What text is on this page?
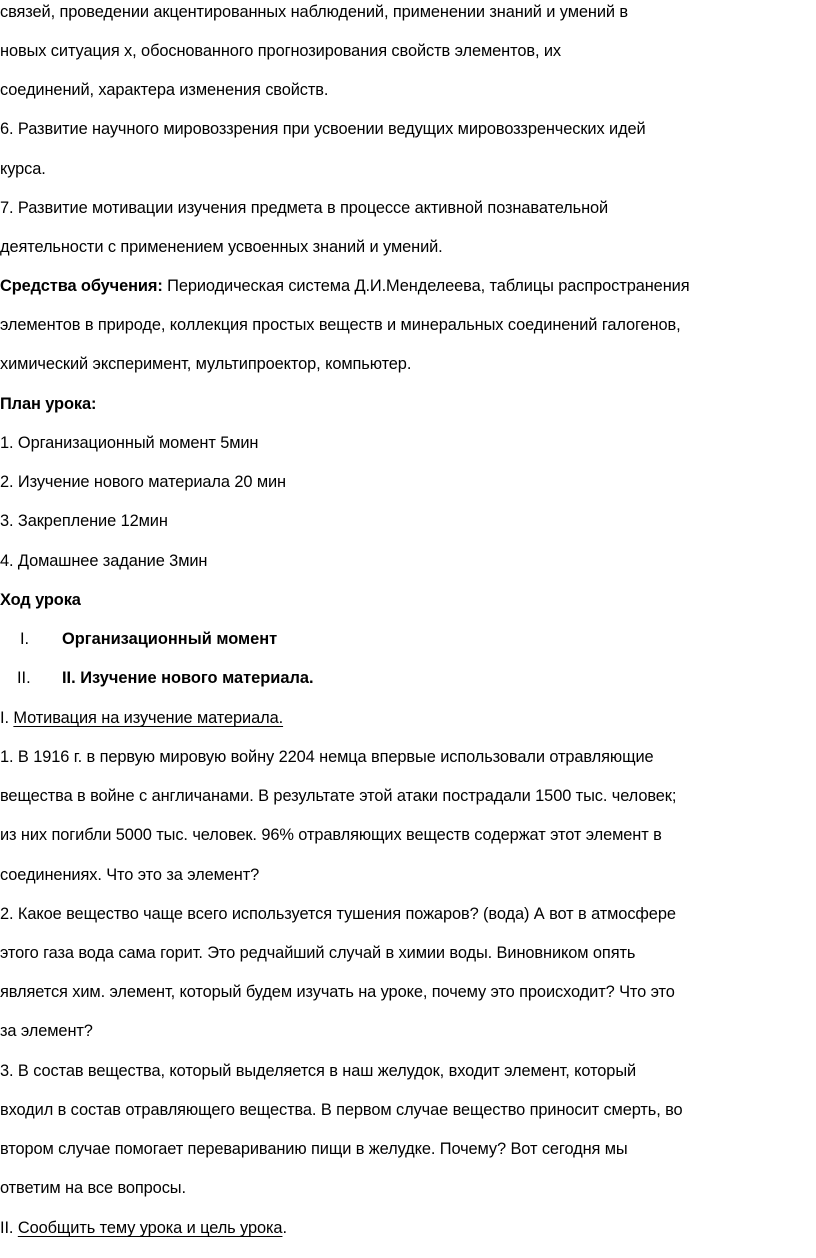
связей, проведении акцентированных наблюдений, применении знаний и умений в
новых ситуация х, обоснованного прогнозирования свойств элементов, их
соединений, характера изменения свойств.
6. Развитие научного мировоззрения при усвоении ведущих мировоззренческих идей
курса.
7. Развитие мотивации изучения предмета в процессе активной познавательной
деятельности с применением усвоенных знаний и умений.
Средства обучения: Периодическая система Д.И.Менделеева, таблицы распространения
элементов в природе, коллекция простых веществ и минеральных соединений галогенов,
химический эксперимент, мультипроектор, компьютер.
План урока:
1. Организационный момент 5мин
2. Изучение нового материала 20 мин
3. Закрепление 12мин
4. Домашнее задание 3мин
Ход урока
I. Организационный момент
II. II. Изучение нового материала.
I. Мотивация на изучение материала.
1. В 1916 г. в первую мировую войну 2204 немца впервые использовали отравляющие
вещества в войне с англичанами. В результате этой атаки пострадали 1500 тыс. человек;
из них погибли 5000 тыс. человек. 96% отравляющих веществ содержат этот элемент в
соединениях. Что это за элемент?
2. Какое вещество чаще всего используется тушения пожаров? (вода) А вот в атмосфере
этого газа вода сама горит. Это редчайший случай в химии воды. Виновником опять
является хим. элемент, который будем изучать на уроке, почему это происходит? Что это
за элемент?
3. В состав вещества, который выделяется в наш желудок, входит элемент, который
входил в состав отравляющего вещества. В первом случае вещество приносит смерть, во
втором случае помогает перевариванию пищи в желудке. Почему? Вот сегодня мы
ответим на все вопросы.
II. Сообщить тему урока и цель урока.
